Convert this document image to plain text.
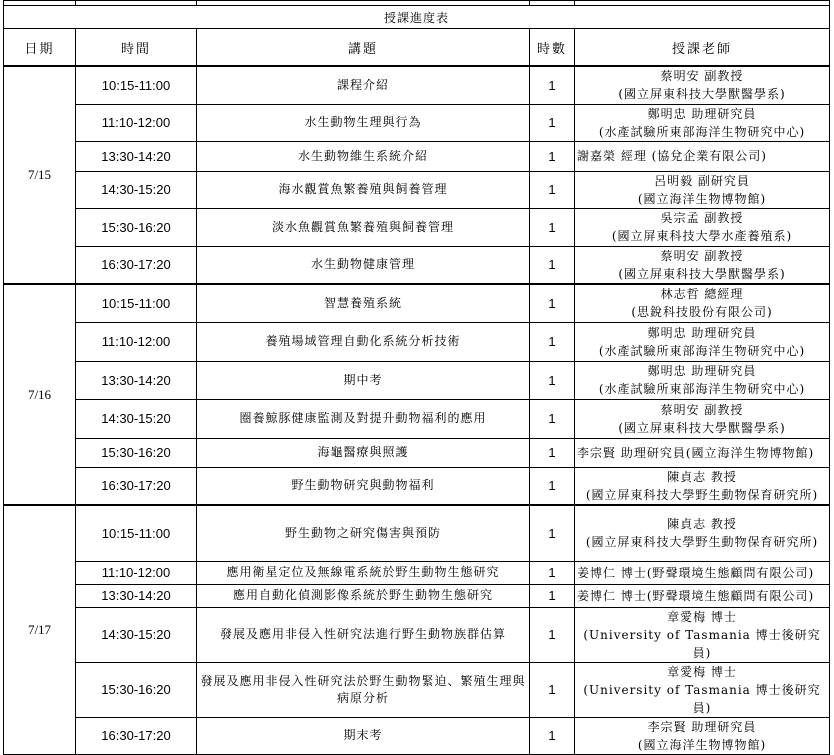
授課進度表				
日期	時間	講題	時數	授課老師
7/15	10:15-11:00	課程介紹	1	蔡明安 副教授
(國立屏東科技大學獸醫學系)

	11:10-12:00	水生動物生理與行為	1	鄭明忠 助理研究員
(水產試驗所東部海洋生物研究中心)

	13:30-14:20	水生動物維生系統介紹	1	謝嘉榮 經理 (協兌企業有限公司)

	14:30-15:20	海水觀賞魚繁養殖與飼養管理	1	呂明毅 副研究員
(國立海洋生物博物館)

	15:30-16:20	淡水魚觀賞魚繁養殖與飼養管理	1	吳宗孟 副教授
(國立屏東科技大學水產養殖系)

	16:30-17:20	水生動物健康管理	1	蔡明安 副教授
(國立屏東科技大學獸醫學系)

7/16	10:15-11:00	智慧養殖系統	1	林志哲 總經理
(思銳科技股份有限公司)

	11:10-12:00	養殖場域管理自動化系統分析技術	1	鄭明忠 助理研究員
(水產試驗所東部海洋生物研究中心)

	13:30-14:20	期中考	1	鄭明忠 助理研究員
(水產試驗所東部海洋生物研究中心)

	14:30-15:20	圈養鯨豚健康監測及對提升動物福利的應用	1	蔡明安 副教授
(國立屏東科技大學獸醫學系)

	15:30-16:20	海龜醫療與照護	1	李宗賢 助理研究員(國立海洋生物博物館)

	16:30-17:20	野生動物研究與動物福利	1	陳貞志 教授
(國立屏東科技大學野生動物保育研究所)

7/17	10:15-11:00	野生動物之研究傷害與預防	1	陳貞志 教授
(國立屏東科技大學野生動物保育研究所)

	11:10-12:00	應用衛星定位及無線電系統於野生動物生態研究	1	姜博仁 博士(野聲環境生態顧問有限公司)

	13:30-14:20	應用自動化偵測影像系統於野生動物生態研究	1	姜博仁 博士(野聲環境生態顧問有限公司)

	14:30-15:20	發展及應用非侵入性研究法進行野生動物族群估算	1	章愛梅 博士
(University of Tasmania 博士後研究員)

	15:30-16:20	發展及應用非侵入性研究法於野生動物緊迫、繁殖生理與病原分析	1	章愛梅 博士
(University of Tasmania 博士後研究員)

	16:30-17:20	期末考	1	李宗賢 助理研究員
(國立海洋生物博物館)
